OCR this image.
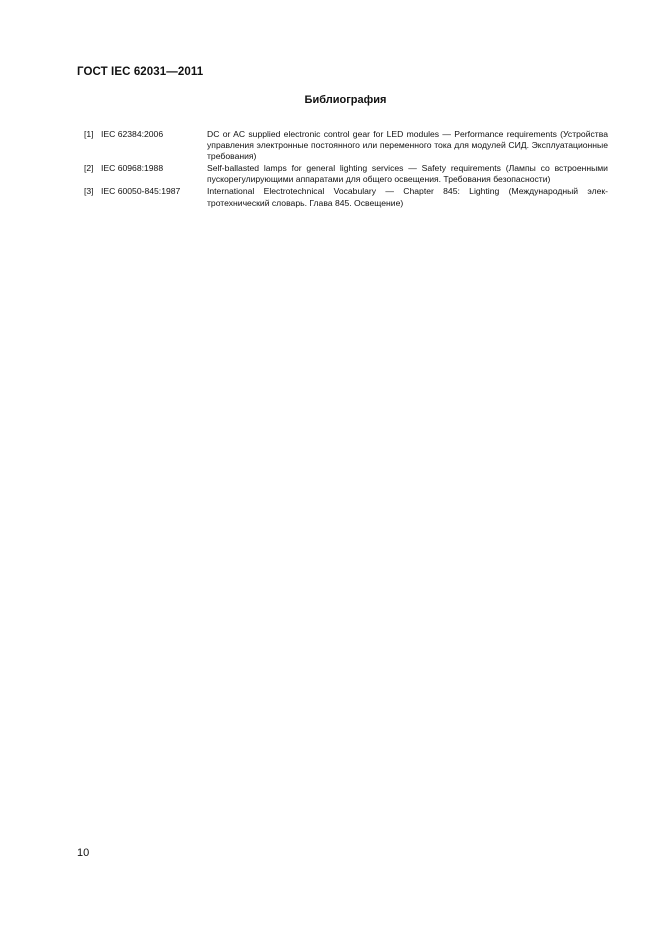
ГОСТ IEC 62031—2011
Библиография
[1] IEC 62384:2006	DC or AC supplied electronic control gear for LED modules — Performance requirements (Устройства управления электронные постоянного или переменного тока для модулей СИД. Эксплуатационные требования)
[2] IEC 60968:1988	Self-ballasted lamps for general lighting services — Safety requirements (Лампы со встроенными пускорегулирующими аппаратами для общего освещения. Требования безопасности)
[3] IEC 60050-845:1987	International Electrotechnical Vocabulary — Chapter 845: Lighting (Международный электротехнический словарь. Глава 845. Освещение)
10
